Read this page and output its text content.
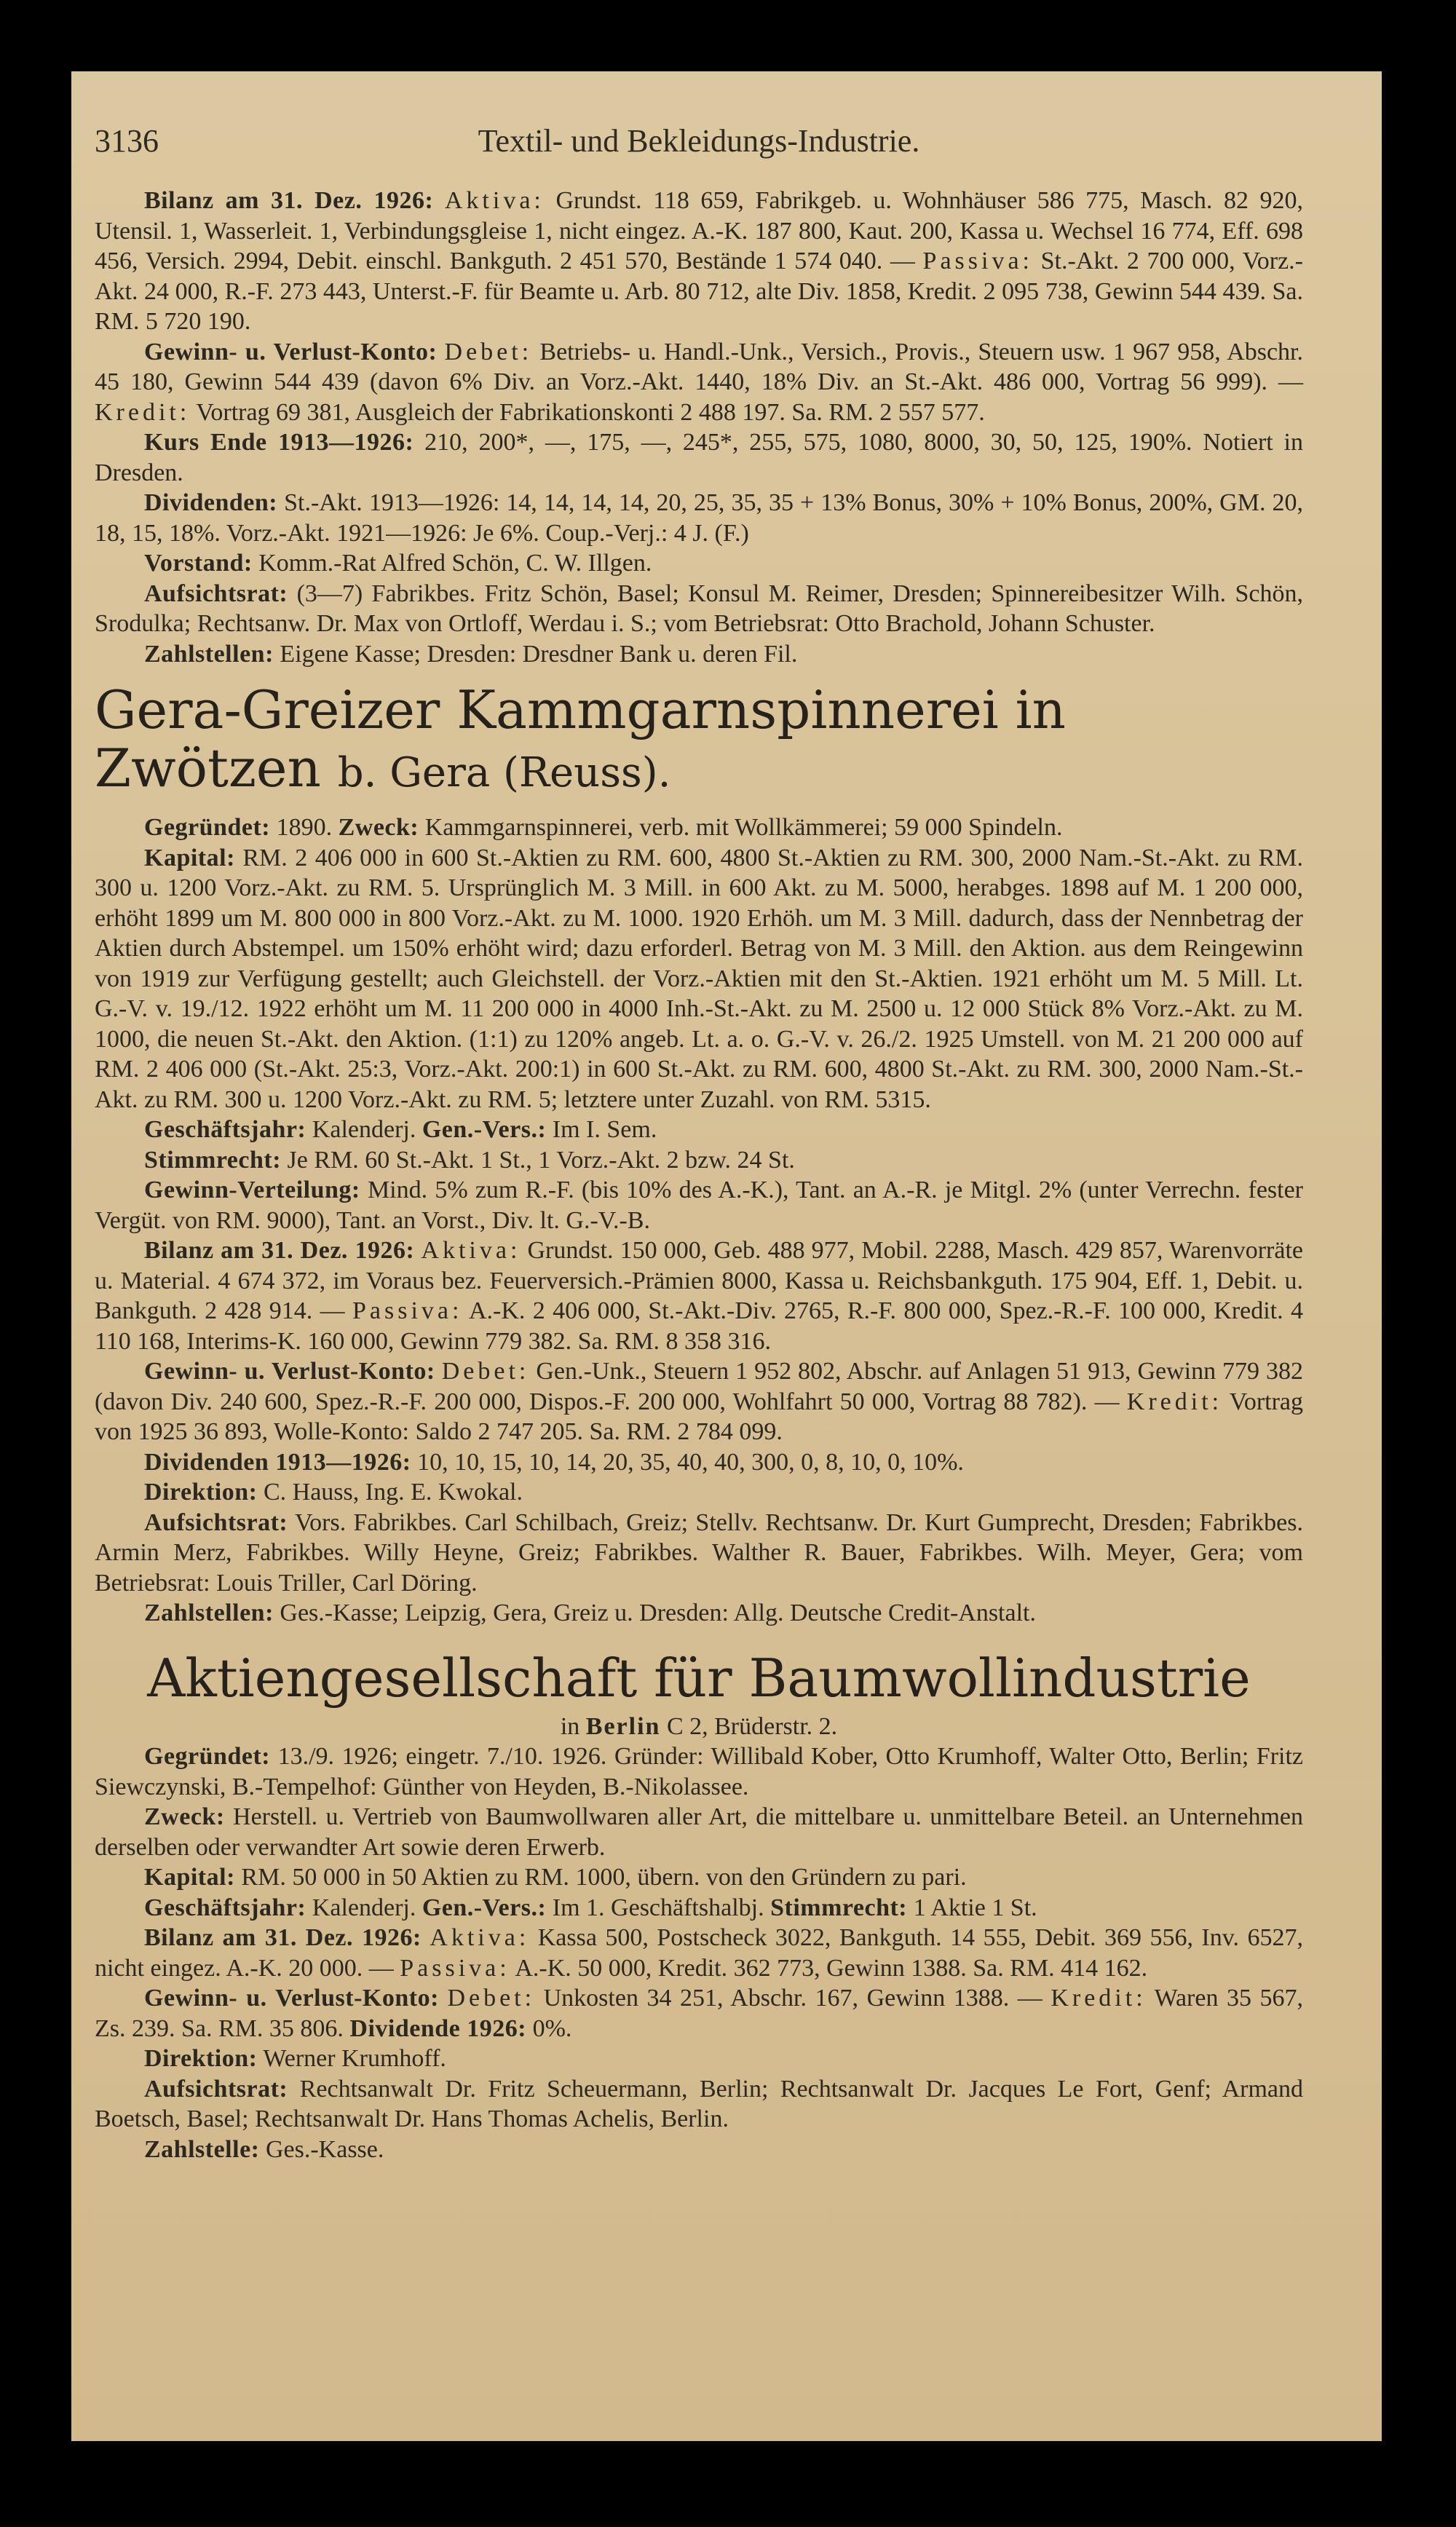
3136	Textil- und Bekleidungs-Industrie.

Bilanz am 31. Dez. 1926: Aktiva: Grundst. 118 659, Fabrikgeb. u. Wohnhäuser 586 775, Masch. 82 920, Utensil. 1, Wasserleit. 1, Verbindungsgleise 1, nicht eingez. A.-K. 187 800, Kaut. 200, Kassa u. Wechsel 16 774, Eff. 698 456, Versich. 2994, Debit. einschl. Bankguth. 2 451 570, Bestände 1 574 040. — Passiva: St.-Akt. 2 700 000, Vorz.-Akt. 24 000, R.-F. 273 443, Unterst.-F. für Beamte u. Arb. 80 712, alte Div. 1858, Kredit. 2 095 738, Gewinn 544 439. Sa. RM. 5 720 190.

Gewinn- u. Verlust-Konto: Debet: Betriebs- u. Handl.-Unk., Versich., Provis., Steuern usw. 1 967 958, Abschr. 45 180, Gewinn 544 439 (davon 6% Div. an Vorz.-Akt. 1440, 18% Div. an St.-Akt. 486 000, Vortrag 56 999). — Kredit: Vortrag 69 381, Ausgleich der Fabrikationskonti 2 488 197. Sa. RM. 2 557 577.

Kurs Ende 1913—1926: 210, 200*, —, 175, —, 245*, 255, 575, 1080, 8000, 30, 50, 125, 190%. Notiert in Dresden.

Dividenden: St.-Akt. 1913—1926: 14, 14, 14, 14, 20, 25, 35, 35 + 13% Bonus, 30% + 10% Bonus, 200%, GM. 20, 18, 15, 18%. Vorz.-Akt. 1921—1926: Je 6%. Coup.-Verj.: 4 J. (F.)

Vorstand: Komm.-Rat Alfred Schön, C. W. Illgen.

Aufsichtsrat: (3—7) Fabrikbes. Fritz Schön, Basel; Konsul M. Reimer, Dresden; Spinnereibesitzer Wilh. Schön, Srodulka; Rechtsanw. Dr. Max von Ortloff, Werdau i. S.; vom Betriebsrat: Otto Brachold, Johann Schuster.

Zahlstellen: Eigene Kasse; Dresden: Dresdner Bank u. deren Fil.

Gera-Greizer Kammgarnspinnerei in Zwötzen b. Gera (Reuss).

Gegründet: 1890. Zweck: Kammgarnspinnerei, verb. mit Wollkämmerei; 59 000 Spindeln.

Kapital: RM. 2 406 000 in 600 St.-Aktien zu RM. 600, 4800 St.-Aktien zu RM. 300, 2000 Nam.-St.-Akt. zu RM. 300 u. 1200 Vorz.-Akt. zu RM. 5. Ursprünglich M. 3 Mill. in 600 Akt. zu M. 5000, herabges. 1898 auf M. 1 200 000, erhöht 1899 um M. 800 000 in 800 Vorz.-Akt. zu M. 1000. 1920 Erhöh. um M. 3 Mill. dadurch, dass der Nennbetrag der Aktien durch Abstempel. um 150% erhöht wird; dazu erforderl. Betrag von M. 3 Mill. den Aktion. aus dem Reingewinn von 1919 zur Verfügung gestellt; auch Gleichstell. der Vorz.-Aktien mit den St.-Aktien. 1921 erhöht um M. 5 Mill. Lt. G.-V. v. 19./12. 1922 erhöht um M. 11 200 000 in 4000 Inh.-St.-Akt. zu M. 2500 u. 12 000 Stück 8% Vorz.-Akt. zu M. 1000, die neuen St.-Akt. den Aktion. (1:1) zu 120% angeb. Lt. a. o. G.-V. v. 26./2. 1925 Umstell. von M. 21 200 000 auf RM. 2 406 000 (St.-Akt. 25:3, Vorz.-Akt. 200:1) in 600 St.-Akt. zu RM. 600, 4800 St.-Akt. zu RM. 300, 2000 Nam.-St.-Akt. zu RM. 300 u. 1200 Vorz.-Akt. zu RM. 5; letztere unter Zuzahl. von RM. 5315.

Geschäftsjahr: Kalenderj. Gen.-Vers.: Im I. Sem.

Stimmrecht: Je RM. 60 St.-Akt. 1 St., 1 Vorz.-Akt. 2 bzw. 24 St.

Gewinn-Verteilung: Mind. 5% zum R.-F. (bis 10% des A.-K.), Tant. an A.-R. je Mitgl. 2% (unter Verrechn. fester Vergüt. von RM. 9000), Tant. an Vorst., Div. lt. G.-V.-B.

Bilanz am 31. Dez. 1926: Aktiva: Grundst. 150 000, Geb. 488 977, Mobil. 2288, Masch. 429 857, Warenvorräte u. Material. 4 674 372, im Voraus bez. Feuerversich.-Prämien 8000, Kassa u. Reichsbankguth. 175 904, Eff. 1, Debit. u. Bankguth. 2 428 914. — Passiva: A.-K. 2 406 000, St.-Akt.-Div. 2765, R.-F. 800 000, Spez.-R.-F. 100 000, Kredit. 4 110 168, Interims-K. 160 000, Gewinn 779 382. Sa. RM. 8 358 316.

Gewinn- u. Verlust-Konto: Debet: Gen.-Unk., Steuern 1 952 802, Abschr. auf Anlagen 51 913, Gewinn 779 382 (davon Div. 240 600, Spez.-R.-F. 200 000, Dispos.-F. 200 000, Wohlfahrt 50 000, Vortrag 88 782). — Kredit: Vortrag von 1925 36 893, Wolle-Konto: Saldo 2 747 205. Sa. RM. 2 784 099.

Dividenden 1913—1926: 10, 10, 15, 10, 14, 20, 35, 40, 40, 300, 0, 8, 10, 0, 10%.

Direktion: C. Hauss, Ing. E. Kwokal.

Aufsichtsrat: Vors. Fabrikbes. Carl Schilbach, Greiz; Stellv. Rechtsanw. Dr. Kurt Gumprecht, Dresden; Fabrikbes. Armin Merz, Fabrikbes. Willy Heyne, Greiz; Fabrikbes. Walther R. Bauer, Fabrikbes. Wilh. Meyer, Gera; vom Betriebsrat: Louis Triller, Carl Döring.

Zahlstellen: Ges.-Kasse; Leipzig, Gera, Greiz u. Dresden: Allg. Deutsche Credit-Anstalt.

Aktiengesellschaft für Baumwollindustrie

in Berlin C 2, Brüderstr. 2.

Gegründet: 13./9. 1926; eingetr. 7./10. 1926. Gründer: Willibald Kober, Otto Krumhoff, Walter Otto, Berlin; Fritz Siewczynski, B.-Tempelhof: Günther von Heyden, B.-Nikolassee.

Zweck: Herstell. u. Vertrieb von Baumwollwaren aller Art, die mittelbare u. unmittelbare Beteil. an Unternehmen derselben oder verwandter Art sowie deren Erwerb.

Kapital: RM. 50 000 in 50 Aktien zu RM. 1000, übern. von den Gründern zu pari.

Geschäftsjahr: Kalenderj. Gen.-Vers.: Im 1. Geschäftshalbj. Stimmrecht: 1 Aktie 1 St.

Bilanz am 31. Dez. 1926: Aktiva: Kassa 500, Postscheck 3022, Bankguth. 14 555, Debit. 369 556, Inv. 6527, nicht eingez. A.-K. 20 000. — Passiva: A.-K. 50 000, Kredit. 362 773, Gewinn 1388. Sa. RM. 414 162.

Gewinn- u. Verlust-Konto: Debet: Unkosten 34 251, Abschr. 167, Gewinn 1388. — Kredit: Waren 35 567, Zs. 239. Sa. RM. 35 806. Dividende 1926: 0%.

Direktion: Werner Krumhoff.

Aufsichtsrat: Rechtsanwalt Dr. Fritz Scheuermann, Berlin; Rechtsanwalt Dr. Jacques Le Fort, Genf; Armand Boetsch, Basel; Rechtsanwalt Dr. Hans Thomas Achelis, Berlin.

Zahlstelle: Ges.-Kasse.
